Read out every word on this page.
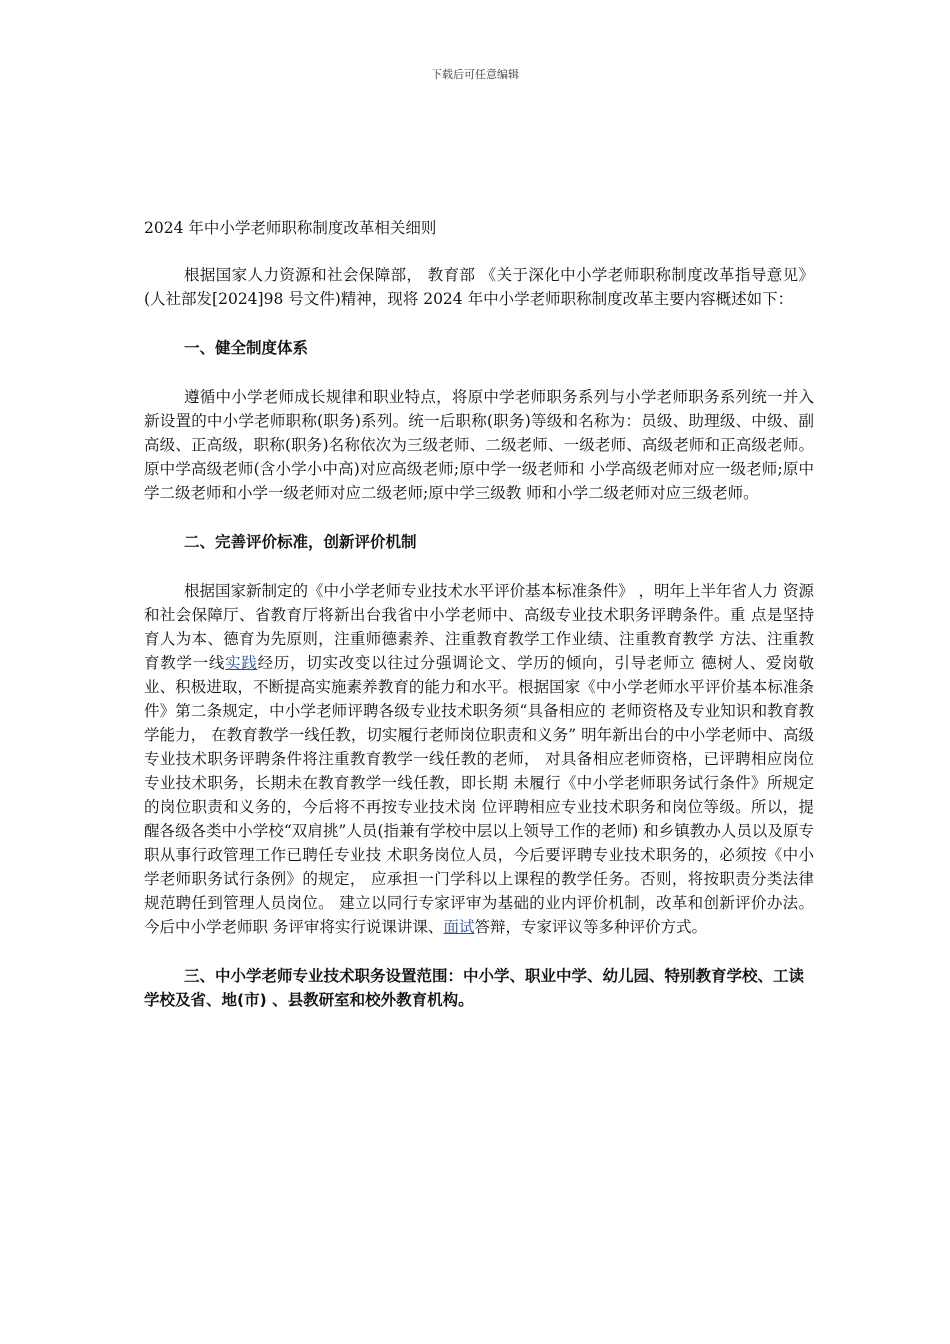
下载后可任意编辑
2024 年中小学老师职称制度改革相关细则

根据国家人力资源和社会保障部， 教育部 《关于深化中小学老师职称制度改革指导意见》(人社部发[2024]98 号文件)精神，现将 2024 年中小学老师职称制度改革主要内容概述如下：

一、健全制度体系

遵循中小学老师成长规律和职业特点，将原中学老师职务系列与小学老师职务系列统一并入新设置的中小学老师职称(职务)系列。统一后职称(职务)等级和名称为：员级、助理级、中级、副高级、正高级，职称(职务)名称依次为三级老师、二级老师、一级老师、高级老师和正高级老师。原中学高级老师(含小学小中高)对应高级老师;原中学一级老师和 小学高级老师对应一级老师;原中学二级老师和小学一级老师对应二级老师;原中学三级教 师和小学二级老师对应三级老师。

二、完善评价标准，创新评价机制

根据国家新制定的《中小学老师专业技术水平评价基本标准条件》 ，明年上半年省人力 资源和社会保障厅、省教育厅将新出台我省中小学老师中、高级专业技术职务评聘条件。重 点是坚持育人为本、德育为先原则，注重师德素养、注重教育教学工作业绩、注重教育教学 方法、注重教育教学一线实践经历，切实改变以往过分强调论文、学历的倾向，引导老师立 德树人、爱岗敬业、积极进取，不断提高实施素养教育的能力和水平。根据国家《中小学老师水平评价基本标准条件》第二条规定，中小学老师评聘各级专业技术职务须“具备相应的 老师资格及专业知识和教育教学能力， 在教育教学一线任教，切实履行老师岗位职责和义务” 明年新出台的中小学老师中、高级专业技术职务评聘条件将注重教育教学一线任教的老师， 对具备相应老师资格，已评聘相应岗位专业技术职务，长期未在教育教学一线任教，即长期 未履行《中小学老师职务试行条件》所规定的岗位职责和义务的，今后将不再按专业技术岗 位评聘相应专业技术职务和岗位等级。所以，提醒各级各类中小学校“双肩挑”人员(指兼有学校中层以上领导工作的老师) 和乡镇教办人员以及原专职从事行政管理工作已聘任专业技 术职务岗位人员，今后要评聘专业技术职务的，必须按《中小学老师职务试行条例》的规定， 应承担一门学科以上课程的教学任务。否则，将按职责分类法律规范聘任到管理人员岗位。 建立以同行专家评审为基础的业内评价机制，改革和创新评价办法。今后中小学老师职 务评审将实行说课讲课、面试答辩，专家评议等多种评价方式。

三、中小学老师专业技术职务设置范围：中小学、职业中学、幼儿园、特别教育学校、工读学校及省、地(市) 、县教研室和校外教育机构。
